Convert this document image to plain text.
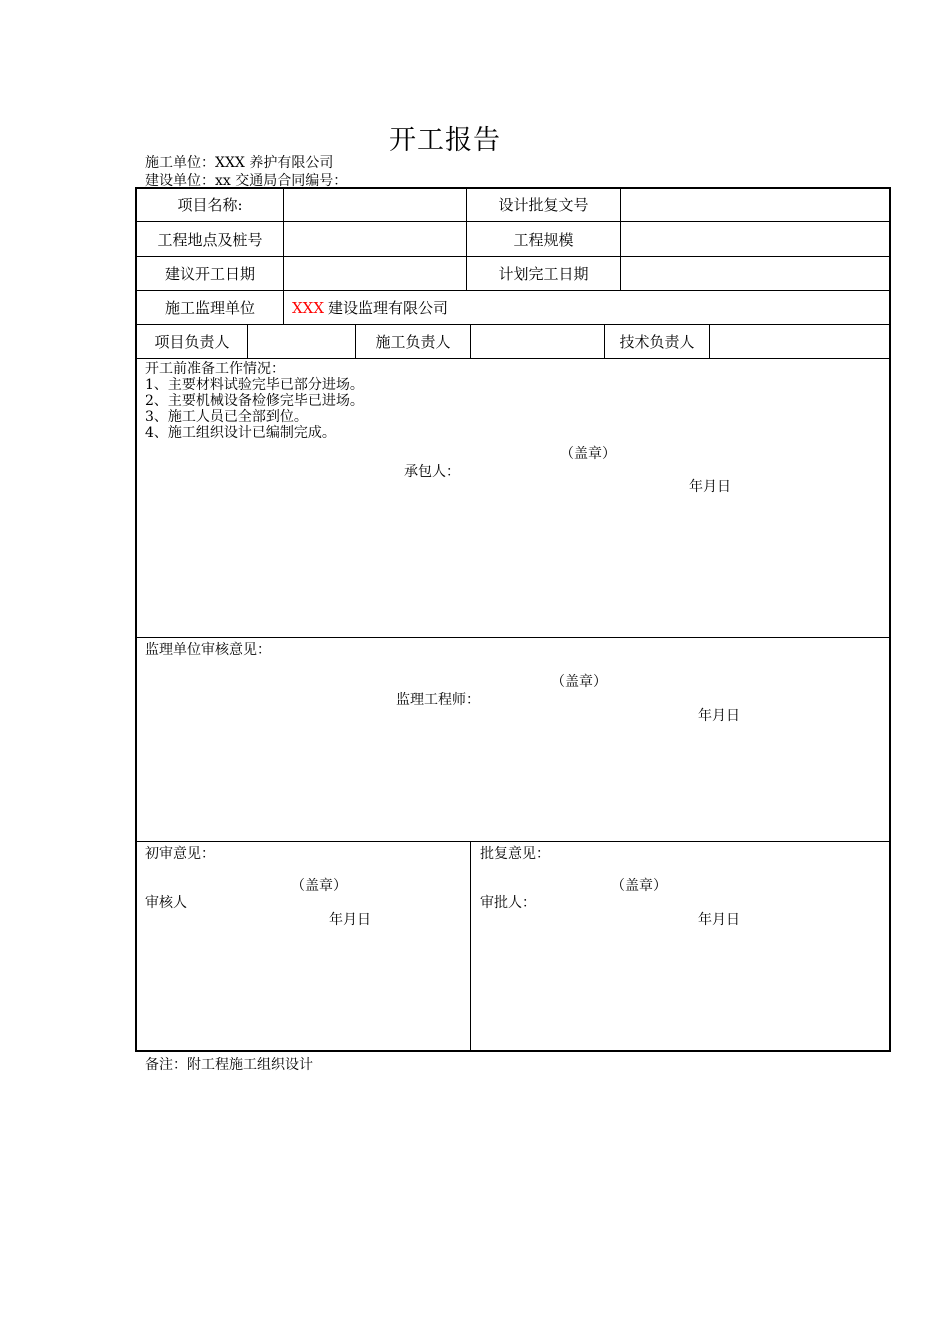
开工报告
施工单位：XXX 养护有限公司
建设单位：xx 交通局合同编号：
项目名称:	设计批复文号
工程地点及桩号	工程规模
建议开工日期	计划完工日期
施工监理单位	XXX 建设监理有限公司
项目负责人	施工负责人	技术负责人
开工前准备工作情况：
1、主要材料试验完毕已部分进场。
2、主要机械设备检修完毕已进场。
3、施工人员已全部到位。
4、施工组织设计已编制完成。
（盖章）
承包人：
年月日
监理单位审核意见：
（盖章）
监理工程师：
年月日
初审意见：
（盖章）
审核人
年月日
批复意见：
（盖章）
审批人：
年月日
备注：附工程施工组织设计
